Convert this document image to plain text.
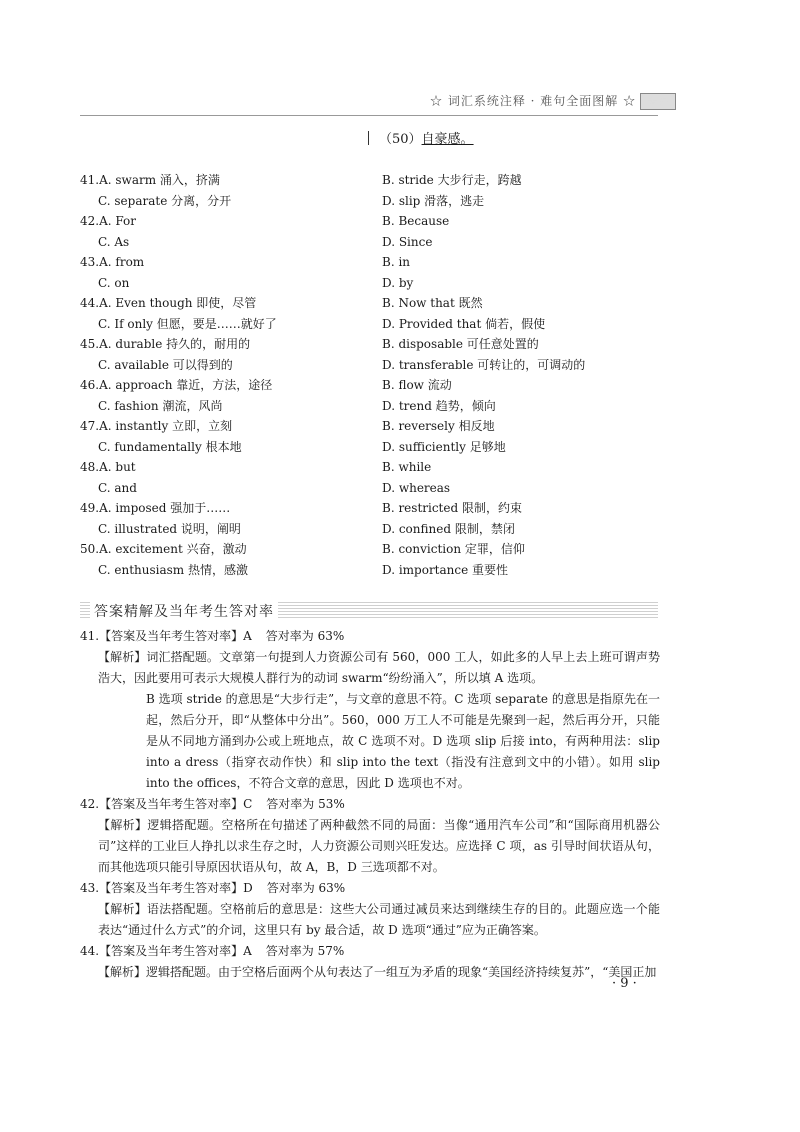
☆ 词汇系统注释 · 难句全面图解 ☆ 考研
（50）自豪感。
41.A. swarm 涌入，挤满	B. stride 大步行走，跨越
C. separate 分离，分开	D. slip 滑落，逃走
42.A. For	B. Because
C. As	D. Since
43.A. from	B. in
C. on	D. by
44.A. Even though 即使，尽管	B. Now that 既然
C. If only 但愿，要是……就好了	D. Provided that 倘若，假使
45.A. durable 持久的，耐用的	B. disposable 可任意处置的
C. available 可以得到的	D. transferable 可转让的，可调动的
46.A. approach 靠近，方法，途径	B. flow 流动
C. fashion 潮流，风尚	D. trend 趋势，倾向
47.A. instantly 立即，立刻	B. reversely 相反地
C. fundamentally 根本地	D. sufficiently 足够地
48.A. but	B. while
C. and	D. whereas
49.A. imposed 强加于……	B. restricted 限制，约束
C. illustrated 说明，阐明	D. confined 限制，禁闭
50.A. excitement 兴奋，激动	B. conviction 定罪，信仰
C. enthusiasm 热情，感激	D. importance 重要性
答案精解及当年考生答对率
41.【答案及当年考生答对率】A 答对率为 63%
【解析】词汇搭配题。文章第一句提到人力资源公司有 560，000 工人，如此多的人早上去上班可谓声势浩大，因此要用可表示大规模人群行为的动词 swarm“纷纷涌入”，所以填 A 选项。
B 选项 stride 的意思是“大步行走”，与文章的意思不符。C 选项 separate 的意思是指原先在一起，然后分开，即“从整体中分出”。560，000 万工人不可能是先聚到一起，然后再分开，只能是从不同地方涌到办公或上班地点，故 C 选项不对。D 选项 slip 后接 into，有两种用法：slip into a dress（指穿衣动作快）和 slip into the text（指没有注意到文中的小错）。如用 slip into the offices，不符合文章的意思，因此 D 选项也不对。
42.【答案及当年考生答对率】C 答对率为 53%
【解析】逻辑搭配题。空格所在句描述了两种截然不同的局面：当像“通用汽车公司”和“国际商用机器公司”这样的工业巨人挣扎以求生存之时，人力资源公司则兴旺发达。应选择 C 项，as 引导时间状语从句，而其他选项只能引导原因状语从句，故 A，B，D 三选项都不对。
43.【答案及当年考生答对率】D 答对率为 63%
【解析】语法搭配题。空格前后的意思是：这些大公司通过减员来达到继续生存的目的。此题应选一个能表达“通过什么方式”的介词，这里只有 by 最合适，故 D 选项“通过”应为正确答案。
44.【答案及当年考生答对率】A 答对率为 57%
【解析】逻辑搭配题。由于空格后面两个从句表达了一组互为矛盾的现象“美国经济持续复苏”，“美国正加
· 9 ·
